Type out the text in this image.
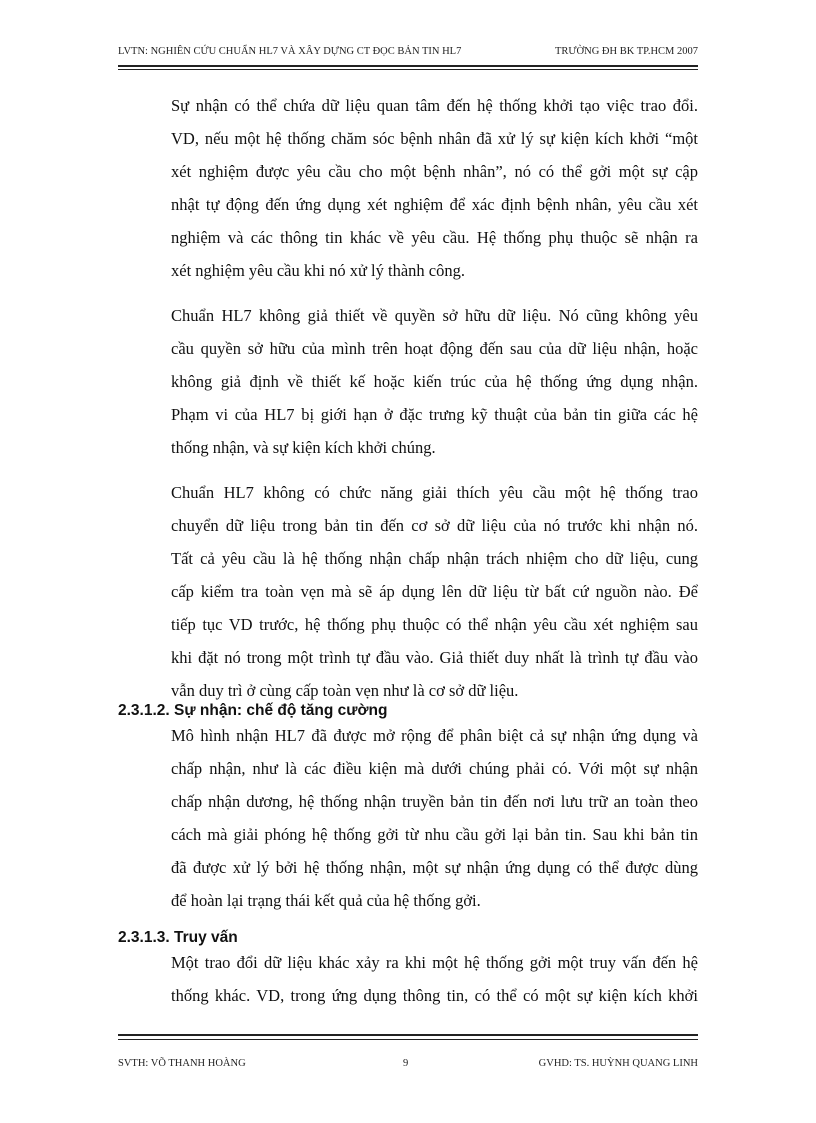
LVTN: NGHIÊN CỨU CHUẨN HL7 VÀ XÂY DỰNG CT ĐỌC BẢN TIN HL7	TRƯỜNG ĐH BK TP.HCM 2007
Sự nhận có thể chứa dữ liệu quan tâm đến hệ thống khởi tạo việc trao đổi.
VD, nếu một hệ thống chăm sóc bệnh nhân đã xử lý sự kiện kích khởi “một
xét nghiệm được yêu cầu cho một bệnh nhân”, nó có thể gởi một sự cập
nhật tự động đến ứng dụng xét nghiệm để xác định bệnh nhân, yêu cầu xét
nghiệm và các thông tin khác về yêu cầu. Hệ thống phụ thuộc sẽ nhận ra
xét nghiệm yêu cầu khi nó xử lý thành công.
Chuẩn HL7 không giả thiết về quyền sở hữu dữ liệu. Nó cũng không yêu
cầu quyền sở hữu của mình trên hoạt động đến sau của dữ liệu nhận, hoặc
không giả định về thiết kế hoặc kiến trúc của hệ thống ứng dụng nhận.
Phạm vi của HL7 bị giới hạn ở đặc trưng kỹ thuật của bản tin giữa các hệ
thống nhận, và sự kiện kích khởi chúng.
Chuẩn HL7 không có chức năng giải thích yêu cầu một hệ thống trao
chuyển dữ liệu trong bản tin đến cơ sở dữ liệu của nó trước khi nhận nó.
Tất cả yêu cầu là hệ thống nhận chấp nhận trách nhiệm cho dữ liệu, cung
cấp kiểm tra toàn vẹn mà sẽ áp dụng lên dữ liệu từ bất cứ nguồn nào. Để
tiếp tục VD trước, hệ thống phụ thuộc có thể nhận yêu cầu xét nghiệm sau
khi đặt nó trong một trình tự đầu vào. Giả thiết duy nhất là trình tự đầu vào
vẫn duy trì ở cùng cấp toàn vẹn như là cơ sở dữ liệu.
2.3.1.2. Sự nhận: chế độ tăng cường
Mô hình nhận HL7 đã được mở rộng để phân biệt cả sự nhận ứng dụng và
chấp nhận, như là các điều kiện mà dưới chúng phải có. Với một sự nhận
chấp nhận dương, hệ thống nhận truyền bản tin đến nơi lưu trữ an toàn theo
cách mà giải phóng hệ thống gởi từ nhu cầu gởi lại bản tin. Sau khi bản tin
đã được xử lý bởi hệ thống nhận, một sự nhận ứng dụng có thể được dùng
để hoàn lại trạng thái kết quả của hệ thống gởi.
2.3.1.3. Truy vấn
Một trao đổi dữ liệu khác xảy ra khi một hệ thống gởi một truy vấn đến hệ
thống khác. VD, trong ứng dụng thông tin, có thể có một sự kiện kích khởi
SVTH: VÕ THANH HOÀNG	9	GVHD: TS. HUỲNH QUANG LINH
